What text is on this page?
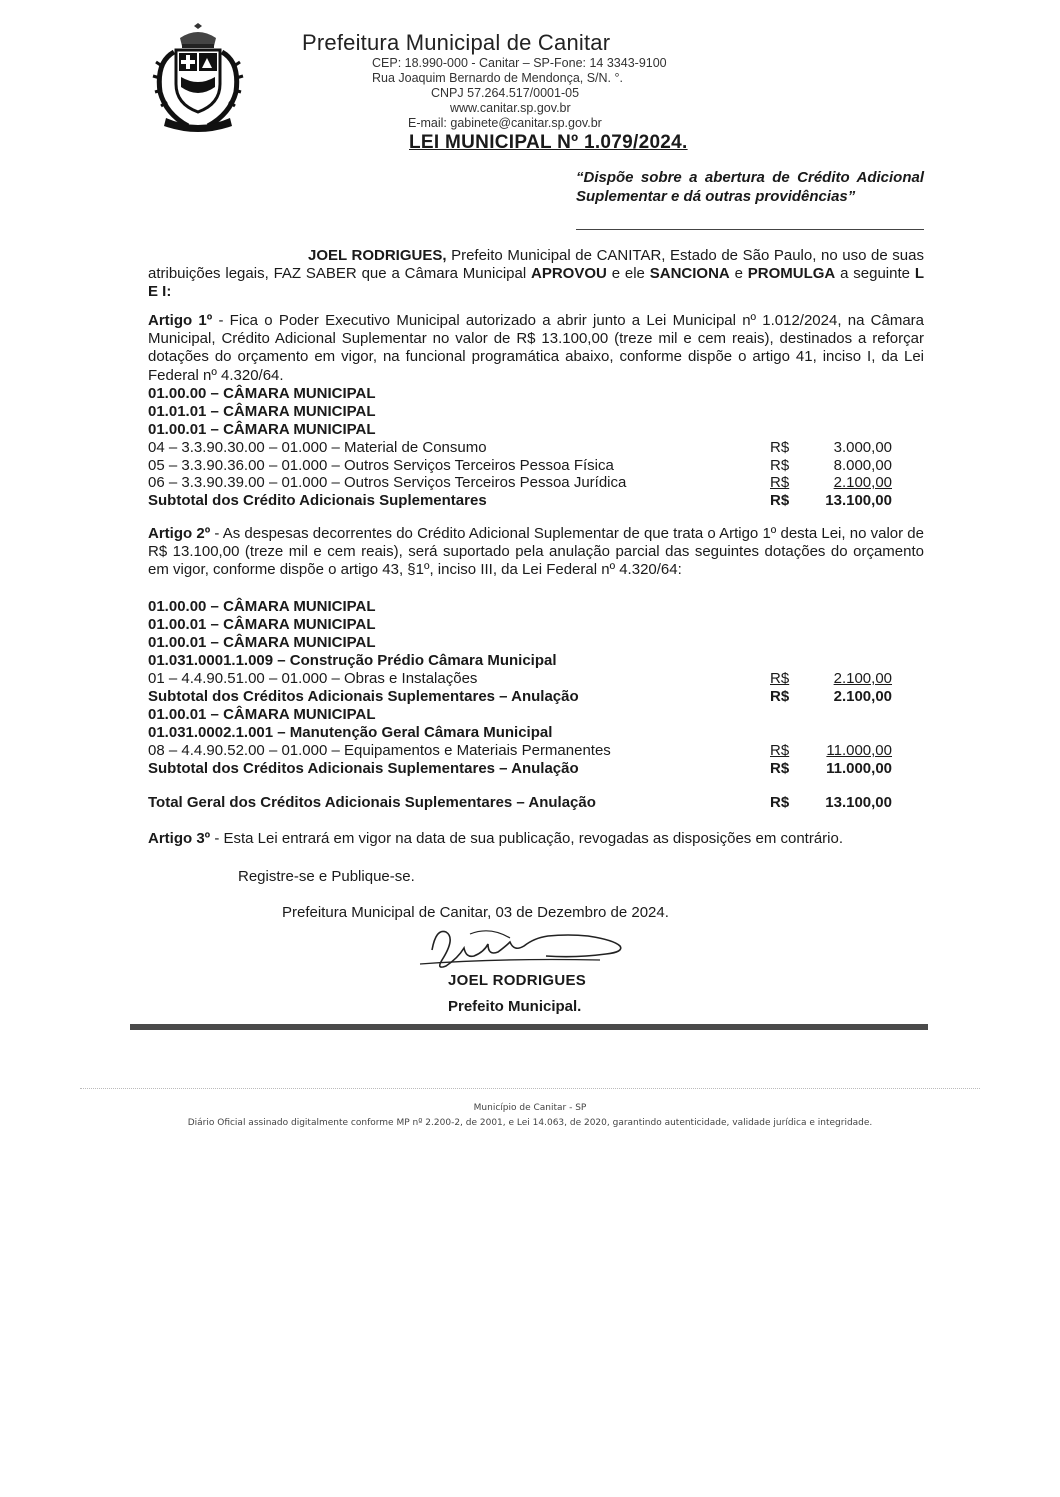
Prefeitura Municipal de Canitar
CEP: 18.990-000 - Canitar – SP-Fone: 14 3343-9100
Rua Joaquim Bernardo de Mendonça, S/N. °.
CNPJ 57.264.517/0001-05
www.canitar.sp.gov.br
E-mail: gabinete@canitar.sp.gov.br
LEI MUNICIPAL Nº 1.079/2024.
“Dispõe sobre a abertura de Crédito Adicional Suplementar e dá outras providências”
JOEL RODRIGUES, Prefeito Municipal de CANITAR, Estado de São Paulo, no uso de suas atribuições legais, FAZ SABER que a Câmara Municipal APROVOU e ele SANCIONA e PROMULGA a seguinte L E I:
Artigo 1º - Fica o Poder Executivo Municipal autorizado a abrir junto a Lei Municipal nº 1.012/2024, na Câmara Municipal, Crédito Adicional Suplementar no valor de R$ 13.100,00 (treze mil e cem reais), destinados a reforçar dotações do orçamento em vigor, na funcional programática abaixo, conforme dispõe o artigo 41, inciso I, da Lei Federal nº 4.320/64.
01.00.00 – CÂMARA MUNICIPAL
01.01.01 – CÂMARA MUNICIPAL
01.00.01 – CÂMARA MUNICIPAL
04 – 3.3.90.30.00 – 01.000 – Material de Consumo	R$	3.000,00
05 – 3.3.90.36.00 – 01.000 – Outros Serviços Terceiros Pessoa Física	R$	8.000,00
06 – 3.3.90.39.00 – 01.000 – Outros Serviços Terceiros Pessoa Jurídica	R$	2.100,00
Subtotal dos Crédito Adicionais Suplementares	R$ 13.100,00
Artigo 2º - As despesas decorrentes do Crédito Adicional Suplementar de que trata o Artigo 1º desta Lei, no valor de R$ 13.100,00 (treze mil e cem reais), será suportado pela anulação parcial das seguintes dotações do orçamento em vigor, conforme dispõe o artigo 43, §1º, inciso III, da Lei Federal nº 4.320/64:
01.00.00 – CÂMARA MUNICIPAL
01.00.01 – CÂMARA MUNICIPAL
01.00.01 – CÂMARA MUNICIPAL
01.031.0001.1.009 – Construção Prédio Câmara Municipal
01 – 4.4.90.51.00 – 01.000 – Obras e Instalações	R$	2.100,00
Subtotal dos Créditos Adicionais Suplementares – Anulação	R$	2.100,00
01.00.01 – CÂMARA MUNICIPAL
01.031.0002.1.001 – Manutenção Geral Câmara Municipal
08 – 4.4.90.52.00 – 01.000 – Equipamentos e Materiais Permanentes	R$ 11.000,00
Subtotal dos Créditos Adicionais Suplementares – Anulação	R$ 11.000,00
Total Geral dos Créditos Adicionais Suplementares – Anulação	R$ 13.100,00
Artigo 3º - Esta Lei entrará em vigor na data de sua publicação, revogadas as disposições em contrário.
Registre-se e Publique-se.
Prefeitura Municipal de Canitar, 03 de Dezembro de 2024.
JOEL RODRIGUES
Prefeito Municipal.
Município de Canitar - SP
Diário Oficial assinado digitalmente conforme MP nº 2.200-2, de 2001, e Lei 14.063, de 2020, garantindo autenticidade, validade jurídica e integridade.
